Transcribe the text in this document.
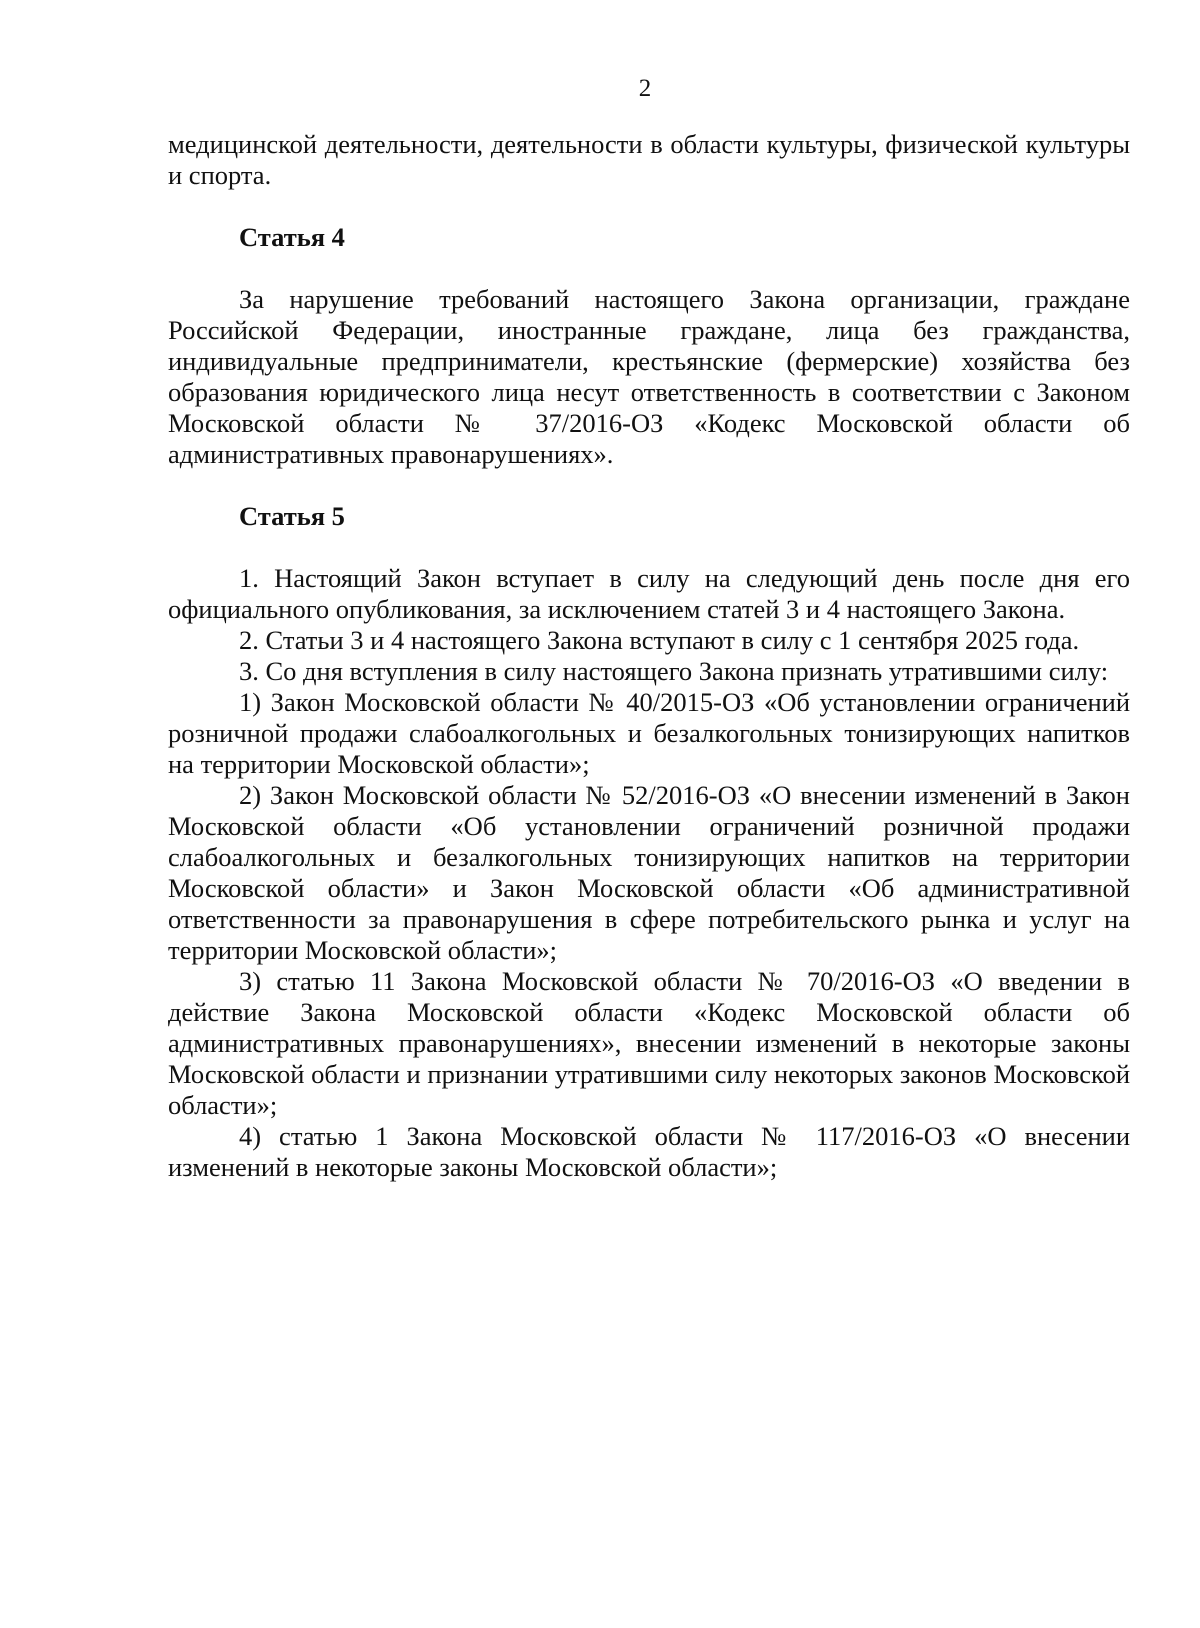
2

медицинской деятельности, деятельности в области культуры, физической культуры и спорта.

Статья 4

За нарушение требований настоящего Закона организации, граждане Российской Федерации, иностранные граждане, лица без гражданства, индивидуальные предприниматели, крестьянские (фермерские) хозяйства без образования юридического лица несут ответственность в соответствии с Законом Московской области № 37/2016-ОЗ «Кодекс Московской области об административных правонарушениях».

Статья 5

1. Настоящий Закон вступает в силу на следующий день после дня его официального опубликования, за исключением статей 3 и 4 настоящего Закона.

2. Статьи 3 и 4 настоящего Закона вступают в силу с 1 сентября 2025 года.

3. Со дня вступления в силу настоящего Закона признать утратившими силу:

1) Закон Московской области № 40/2015-ОЗ «Об установлении ограничений розничной продажи слабоалкогольных и безалкогольных тонизирующих напитков на территории Московской области»;

2) Закон Московской области № 52/2016-ОЗ «О внесении изменений в Закон Московской области «Об установлении ограничений розничной продажи слабоалкогольных и безалкогольных тонизирующих напитков на территории Московской области» и Закон Московской области «Об административной ответственности за правонарушения в сфере потребительского рынка и услуг на территории Московской области»;

3) статью 11 Закона Московской области № 70/2016-ОЗ «О введении в действие Закона Московской области «Кодекс Московской области об административных правонарушениях», внесении изменений в некоторые законы Московской области и признании утратившими силу некоторых законов Московской области»;

4) статью 1 Закона Московской области № 117/2016-ОЗ «О внесении изменений в некоторые законы Московской области»;
